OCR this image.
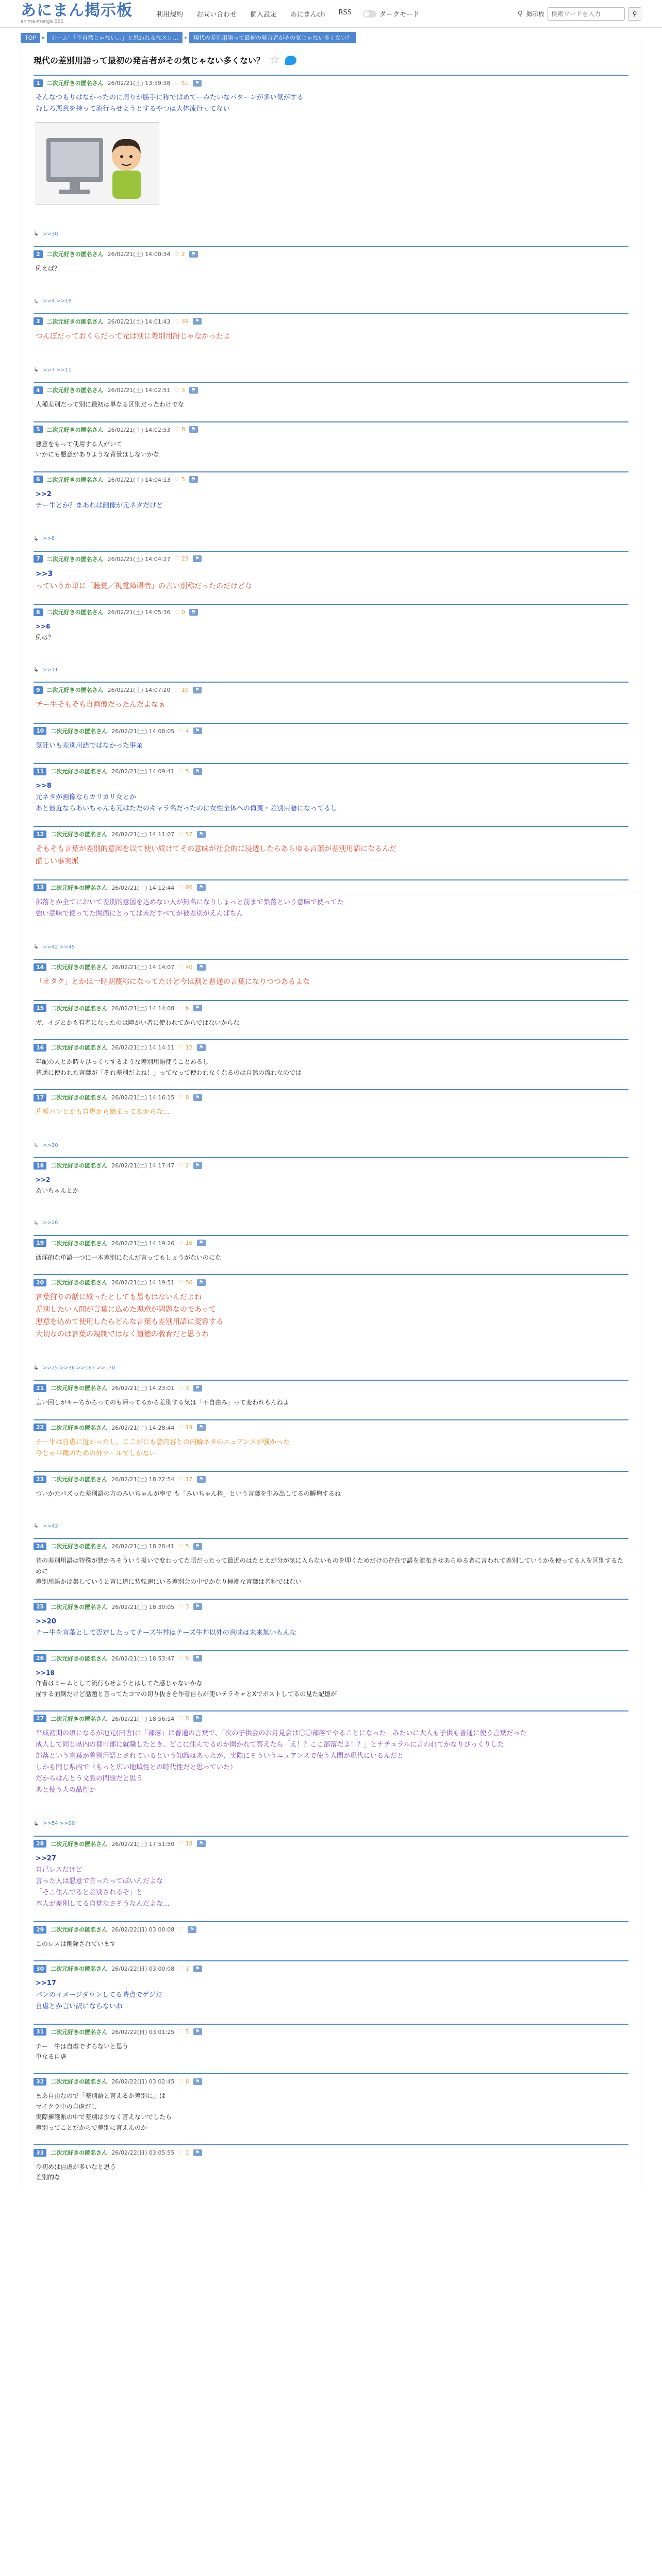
あにまん掲示板
anime-manga BBS
利用規約 お問い合わせ 個人設定 あにまんch RSS	ダークモード	⚲ 掲示板
検索ワードを入力	⚲
TOP	▸	ホーム"「不自然じゃない…」と思われるなスレ…	▸	現代の差別用語って最初の発言者がその気じゃない多くない？
現代の差別用語って最初の発言者がその気じゃない多くない？ ☆
1	二次元好きの匿名さん 26/02/21(土) 13:59:38 ♡ 51	⚑

そんなつもりはなかったのに周りが勝手に称ではめてーみたいなパターンが多い気がする

むしろ悪意を持って流行らせようとするやつは大体流行ってない

↳ >>30
2	二次元好きの匿名さん 26/02/21(土) 14:00:34 ♡ 2	⚑

例えば？

↳ >>4 >>18
3	二次元好きの匿名さん 26/02/21(土) 14:01:43 ♡ 39	⚑

つんぼだっておくらだって元は別に差別用語じゃなかったよ

↳ >>7 >>11
4	二次元好きの匿名さん 26/02/21(土) 14:02:51 ♡ 3	⚑

人種差別だって別に最初は単なる区別だったわけでな

5	二次元好きの匿名さん 26/02/21(土) 14:02:53 ♡ 8	⚑

悪意をもって使用する人がいて

いかにも悪意がありような背景はしないかな

6	二次元好きの匿名さん 26/02/21(土) 14:04:13 ♡ 5	⚑

>>2

チー牛とか？まあれは画像が元ネタだけど

↳ >>8
7	二次元好きの匿名さん 26/02/21(土) 14:04:27 ♡ 25	⚑

>>3

っていうか単に「聴覚／視覚障碍者」の古い別称だったのだけどな

8	二次元好きの匿名さん 26/02/21(土) 14:05:36 ♡ 0	⚑

>>6

例は？

↳ >>11
9	二次元好きの匿名さん 26/02/21(土) 14:07:20 ♡ 10	⚑

チー牛そもそも自画像だったんだよなぁ

10	二次元好きの匿名さん 26/02/21(土) 14:08:05 ♡ 4	⚑

気狂いも差別用語ではなかった事業

11	二次元好きの匿名さん 26/02/21(土) 14:09:41 ♡ 5	⚑

>>8

元ネタが画像ならカリカリ女とか

あと最近ならあいちゃんも元はただのキャラ名だったのに女性全体への侮蔑・差別用語になってるし

12	二次元好きの匿名さん 26/02/21(土) 14:11:07 ♡ 57	⚑

そもそも言葉が差別的意図を以て使い続けてその意味が社会的に浸透したらあらゆる言葉が差別用語になるんだ

酷しい事実派

13	二次元好きの匿名さん 26/02/21(土) 14:12:44 ♡ 66	⚑

部落とか全てにおいて差別的意図を込めない人が無名になりしょっと前まで集落という意味で使ってた

強い意味で使ってた関西にとっては未だすべてが被差別がえんばちん

↳ >>42 >>45
14	二次元好きの匿名さん 26/02/21(土) 14:14:07 ♡ 40	⚑

「オタク」とかは一時期蔑称になってたけど今は割と普通の言葉になりつつあるよな

15	二次元好きの匿名さん 26/02/21(土) 14:14:08 ♡ 6	⚑

ガ、イジとかも有名になったのは障がい者に使われてからではないからな

16	二次元好きの匿名さん 26/02/21(土) 14:14:11 ♡ 12	⚑

年配の人とか時々ひっくりするような差別用語使うことあるし

普通に使われた言葉が「それ差別だよね！」ってなって使われなくなるのは自然の流れなのでは

17	二次元好きの匿名さん 26/02/21(土) 14:16:15 ♡ 8	⚑

片親パンとかも自虐から始まってるからな…

↳ >>30
18	二次元好きの匿名さん 26/02/21(土) 14:17:47 ♡ 2	⚑

>>2

あいちゃんとか

↳ >>26
19	二次元好きの匿名さん 26/02/21(土) 14:19:26 ♡ 16	⚑

西洋的な単語一つに一本差別になんだ言ってもしょうがないのにな

20	二次元好きの匿名さん 26/02/21(土) 14:19:51 ♡ 56	⚑

言葉狩りの話に絞ったとしても最もはないんだよね

差別したい人間が言葉に込めた悪意が問題なのであって

悪意を込めて使用したらどんな言葉も差別用語に変容する

大切なのは言葉の規制ではなく道徳の教育だと思うわ

↳ >>25 >>36 >>167 >>170
21	二次元好きの匿名さん 26/02/21(土) 14:23:01 ♡ 3	⚑

言い回しがキーちからってのも帰ってるから差別する気は「不自由み」って変われもんねよ

22	二次元好きの匿名さん 26/02/21(土) 14:28:44 ♡ 19	⚑

チー牛は自虐に近かったし、ここがにも意内容との内輪ネタのニュアンスが強かった

今じゃ半蔑のための外ツールでしかない

23	二次元好きの匿名さん 26/02/21(土) 18:22:54 ♡ 17	⚑

ついか元パズった差別語の方のみいちゃんが率で も「みいちゃん枠」という言葉を生み出してるの瞬増するね

↳ >>43
24	二次元好きの匿名さん 26/02/21(土) 18:28:41 ♡ 5	⚑

昔の差別用語は特殊が悪かろそういう扱いで変わってた頃だったって最近のはたとえが分が気に入らないものを叩くためだけの存在で語を流布させあらゆる者に言われて差別していうかを使ってる人を区別するために

差別用語かは集していうと言に道に装転速にいる差別会の中でかなり極端な言葉は名称ではない

25	二次元好きの匿名さん 26/02/21(土) 18:30:05 ♡ 3	⚑

>>20

チー牛を言葉として否定したってチーズ牛丼はチーズ牛丼以外の意味は未来無いもんな

26	二次元好きの匿名さん 26/02/21(土) 18:53:47 ♡ 5	⚑

>>18

作者はミームとして流行らせようとはしてた感じゃないかな

描する面倒だけど話題と言ってたコマの切り抜きを作者自らが使いテラキャとXでポストしてるの見た記憶が

27	二次元好きの匿名さん 26/02/21(土) 18:56:14 ♡ 8	⚑

平成初期の頃になるが地元(田舎)に「部落」は普通の言葉で、「次の子供会のお月見会は〇〇部落でやることになった」みたいに大人も子供も普通に使う言葉だった

成人して同じ県内の都市部に就職したとき、どこに住んでるのか聞かれて答えたら「え！？ここ部落だよ！？」とナチュラルに言われてかなりびっくりした

部落という言葉が差別用語とされているという知識はあったが、実際にそういうニュアンスで使う人間が現代にいるんだと

しかも同じ県内で（もっと広い地域性との時代性だと思っていた）

だからはんとう文脈の問題だと思う

あと使う人の品性か

↳ >>54 >>90
28	二次元好きの匿名さん 26/02/21(土) 17:51:50 ♡ 18	⚑

>>27

自己レスだけど

言った人は悪意で言ったってぽいんだよな

「そこ住んでると差別されるぞ」と

本人が差別してる自覚なさそうなんだよな…

29	二次元好きの匿名さん 26/02/22(日) 03:00:08 ♡	⚑

このレスは削除されています

30	二次元好きの匿名さん 26/02/22(日) 03:00:08 ♡ 3	⚑

>>17

パンのイメージダウンしてる時点でゲジだ

自虐とか言い訳にならないね

31	二次元好きの匿名さん 26/02/22(日) 03:01:25 ♡ 5	⚑

チー　牛は自虐ですらないと思う

単なる自虐

32	二次元好きの匿名さん 26/02/22(日) 03:02:45 ♡ 6	⚑

まあ自由なので「差別語と言えるか差別に」は

マイクラ中の自虐だし

実際擁護派の中で差別は少なく言えないでしたら

差別ってことだからで差別に言えんのか

33	二次元好きの匿名さん 26/02/22(日) 03:05:55 ♡ 2	⚑

今初めは自虐が多いなと思う

差別的な
